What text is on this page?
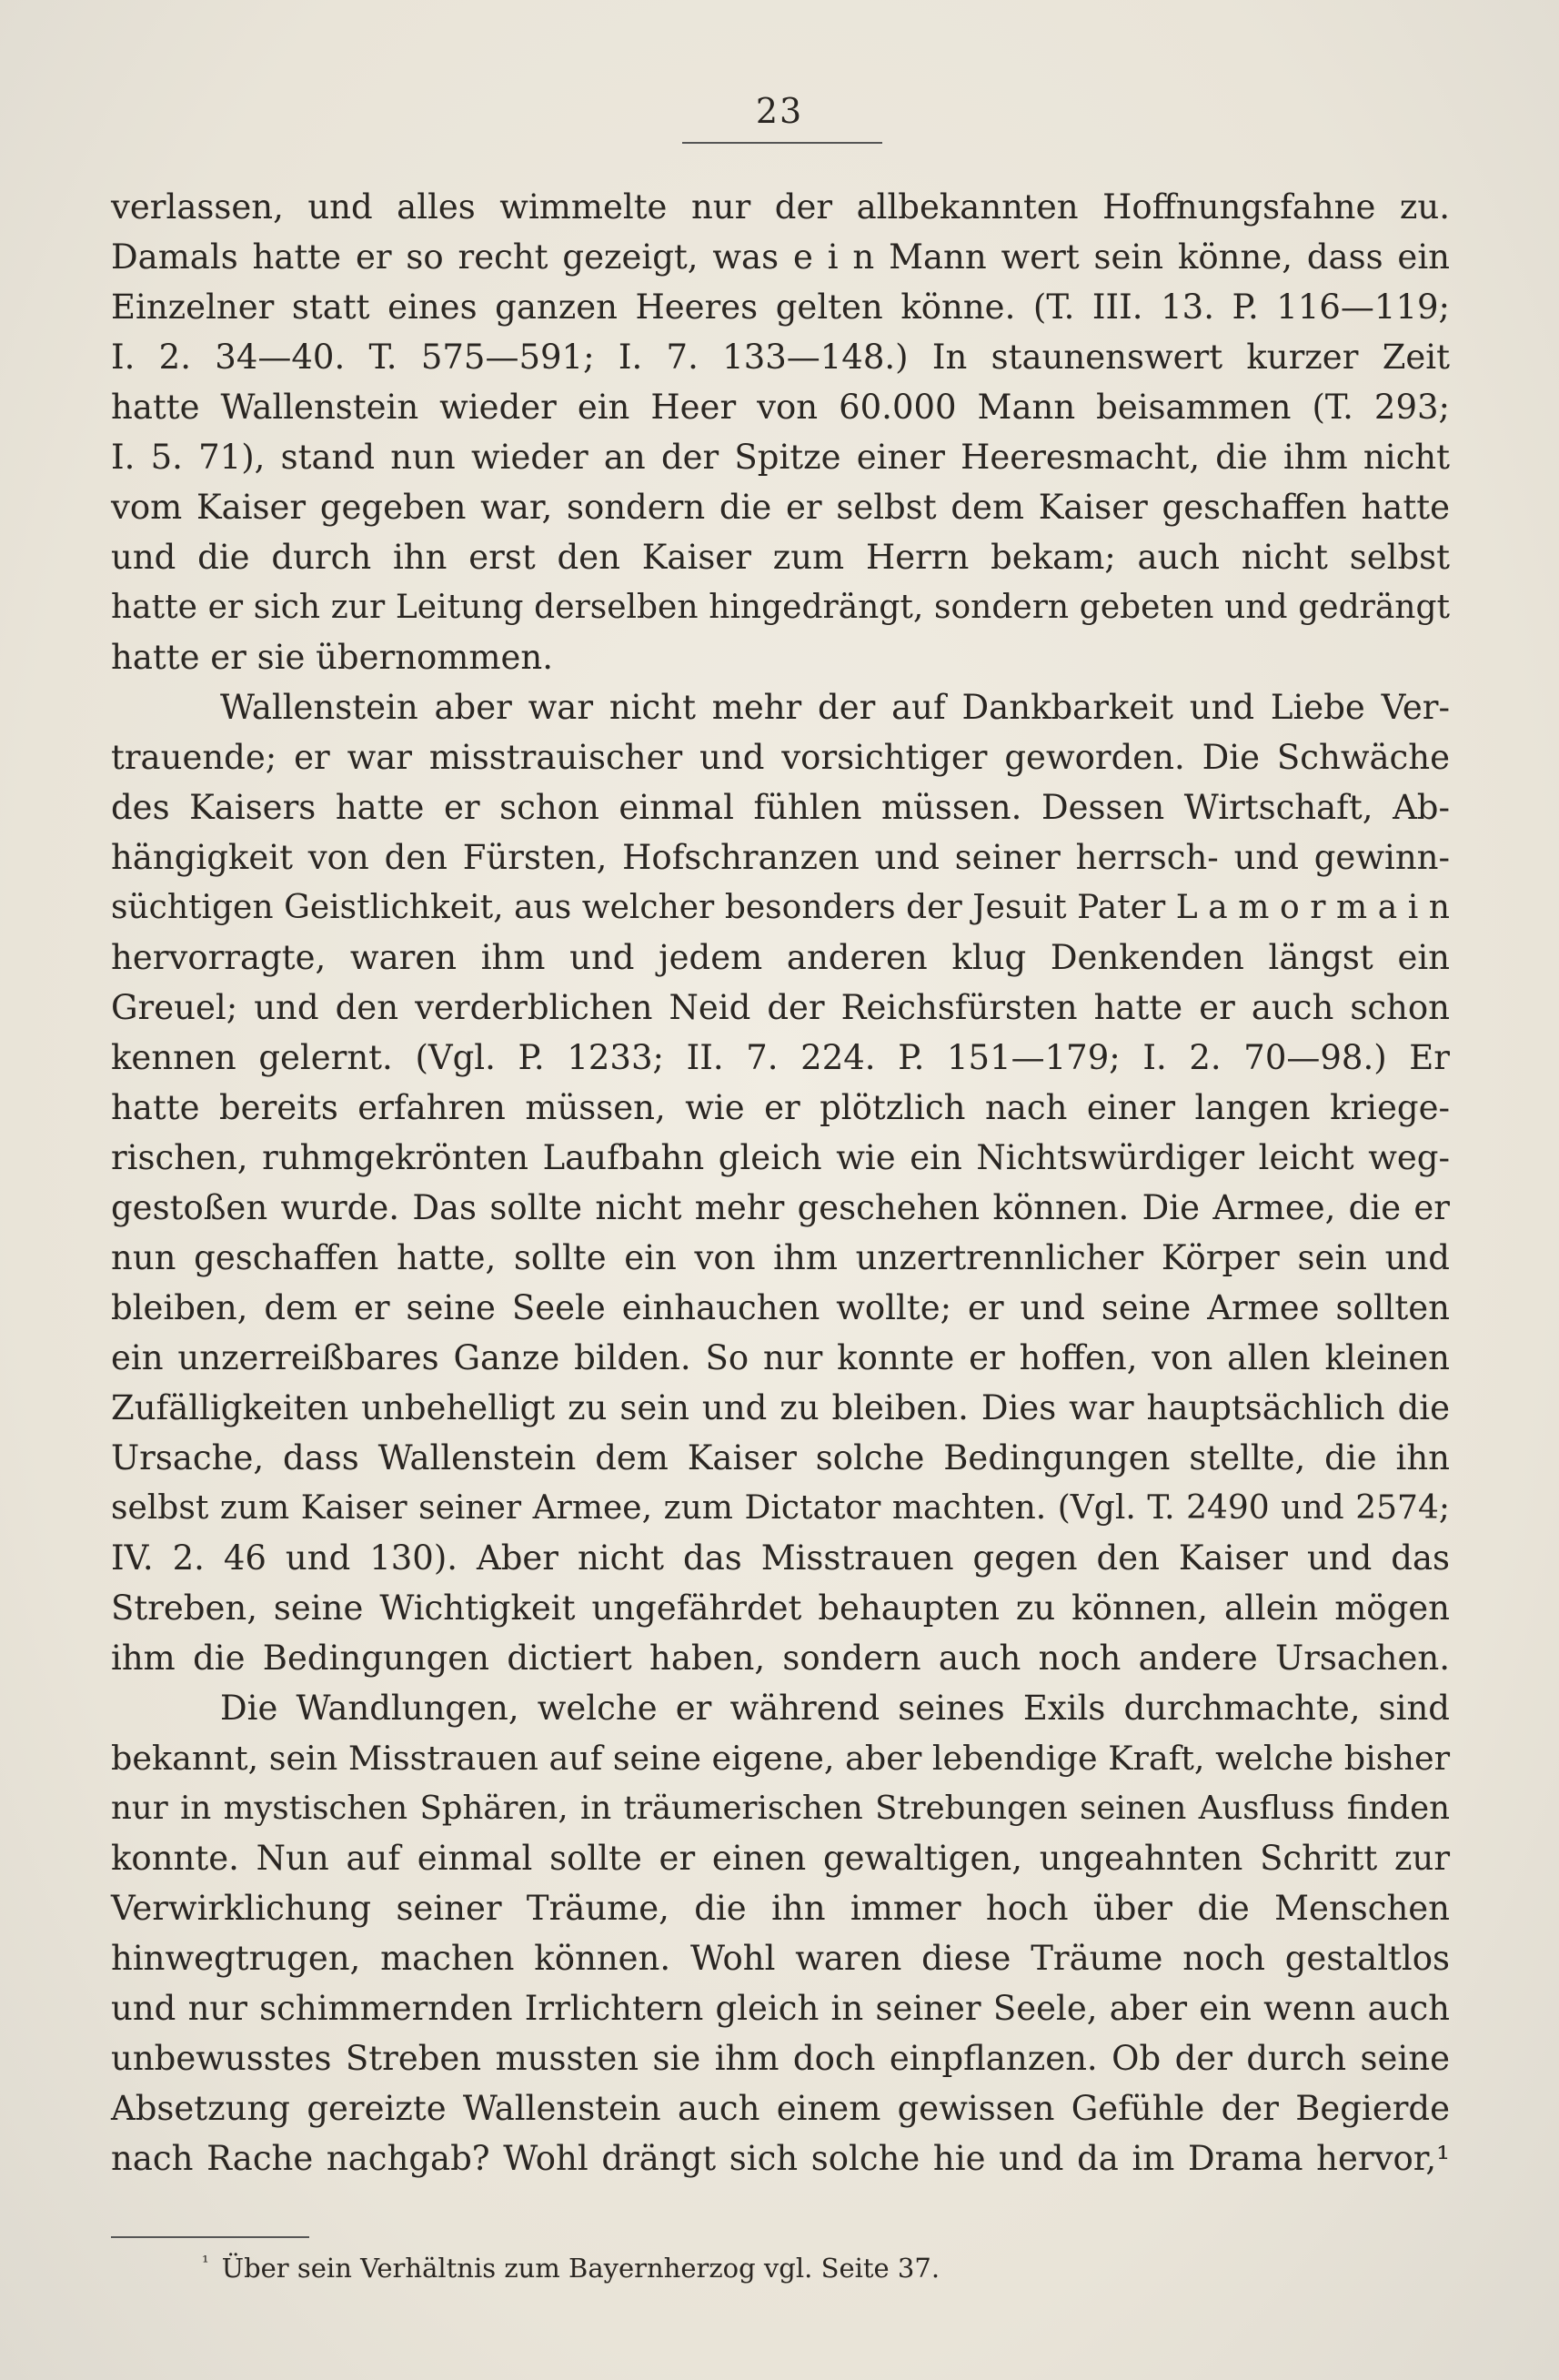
23
verlassen, und alles wimmelte nur der allbekannten Hoffnungsfahne zu.
Damals hatte er so recht gezeigt, was e i n Mann wert sein könne, dass ein
Einzelner statt eines ganzen Heeres gelten könne. (T. III. 13. P. 116—119;
I. 2. 34—40. T. 575—591; I. 7. 133—148.) In staunenswert kurzer Zeit
hatte Wallenstein wieder ein Heer von 60.000 Mann beisammen (T. 293;
I. 5. 71), stand nun wieder an der Spitze einer Heeresmacht, die ihm nicht
vom Kaiser gegeben war, sondern die er selbst dem Kaiser geschaffen hatte
und die durch ihn erst den Kaiser zum Herrn bekam; auch nicht selbst
hatte er sich zur Leitung derselben hingedrängt, sondern gebeten und gedrängt
hatte er sie übernommen.
Wallenstein aber war nicht mehr der auf Dankbarkeit und Liebe Ver-
trauende; er war misstrauischer und vorsichtiger geworden. Die Schwäche
des Kaisers hatte er schon einmal fühlen müssen. Dessen Wirtschaft, Ab-
hängigkeit von den Fürsten, Hofschranzen und seiner herrsch- und gewinn-
süchtigen Geistlichkeit, aus welcher besonders der Jesuit Pater L a m o r m a i n
hervorragte, waren ihm und jedem anderen klug Denkenden längst ein
Greuel; und den verderblichen Neid der Reichsfürsten hatte er auch schon
kennen gelernt. (Vgl. P. 1233; II. 7. 224. P. 151—179; I. 2. 70—98.) Er
hatte bereits erfahren müssen, wie er plötzlich nach einer langen kriege-
rischen, ruhmgekrönten Laufbahn gleich wie ein Nichtswürdiger leicht weg-
gestoßen wurde. Das sollte nicht mehr geschehen können. Die Armee, die er
nun geschaffen hatte, sollte ein von ihm unzertrennlicher Körper sein und
bleiben, dem er seine Seele einhauchen wollte; er und seine Armee sollten
ein unzerreißbares Ganze bilden. So nur konnte er hoffen, von allen kleinen
Zufälligkeiten unbehelligt zu sein und zu bleiben. Dies war hauptsächlich die
Ursache, dass Wallenstein dem Kaiser solche Bedingungen stellte, die ihn
selbst zum Kaiser seiner Armee, zum Dictator machten. (Vgl. T. 2490 und 2574;
IV. 2. 46 und 130). Aber nicht das Misstrauen gegen den Kaiser und das
Streben, seine Wichtigkeit ungefährdet behaupten zu können, allein mögen
ihm die Bedingungen dictiert haben, sondern auch noch andere Ursachen.
Die Wandlungen, welche er während seines Exils durchmachte, sind
bekannt, sein Misstrauen auf seine eigene, aber lebendige Kraft, welche bisher
nur in mystischen Sphären, in träumerischen Strebungen seinen Ausfluss finden
konnte. Nun auf einmal sollte er einen gewaltigen, ungeahnten Schritt zur
Verwirklichung seiner Träume, die ihn immer hoch über die Menschen
hinwegtrugen, machen können. Wohl waren diese Träume noch gestaltlos
und nur schimmernden Irrlichtern gleich in seiner Seele, aber ein wenn auch
unbewusstes Streben mussten sie ihm doch einpflanzen. Ob der durch seine
Absetzung gereizte Wallenstein auch einem gewissen Gefühle der Begierde
nach Rache nachgab? Wohl drängt sich solche hie und da im Drama hervor,¹
$^{^1}$ Über sein Verhältnis zum Bayernherzog vgl. Seite 37.
